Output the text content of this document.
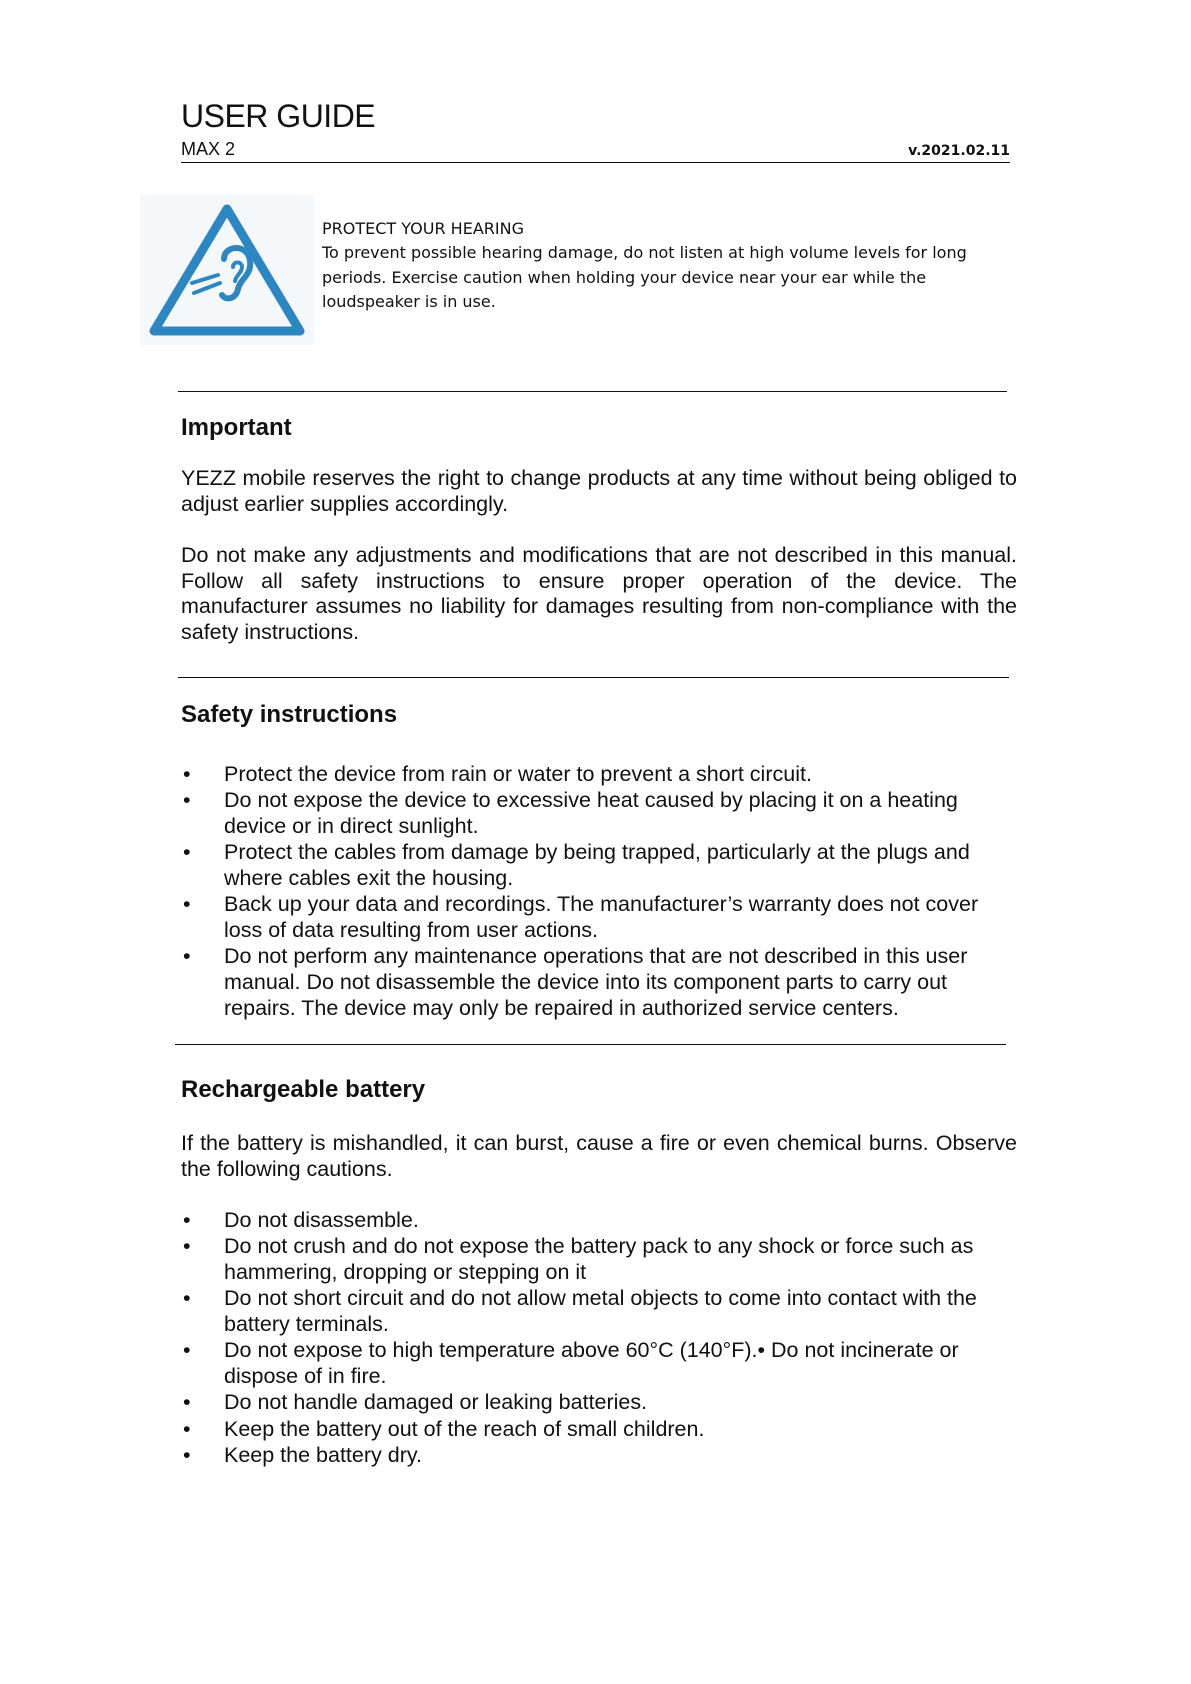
USER GUIDE
MAX 2	v.2021.02.11
PROTECT YOUR HEARING
To prevent possible hearing damage, do not listen at high volume levels for long periods. Exercise caution when holding your device near your ear while the loudspeaker is in use.
Important
YEZZ mobile reserves the right to change products at any time without being obliged to adjust earlier supplies accordingly.
Do not make any adjustments and modifications that are not described in this manual. Follow all safety instructions to ensure proper operation of the device. The manufacturer assumes no liability for damages resulting from non-compliance with the safety instructions.
Safety instructions
• Protect the device from rain or water to prevent a short circuit.
• Do not expose the device to excessive heat caused by placing it on a heating device or in direct sunlight.
• Protect the cables from damage by being trapped, particularly at the plugs and where cables exit the housing.
• Back up your data and recordings. The manufacturer’s warranty does not cover loss of data resulting from user actions.
• Do not perform any maintenance operations that are not described in this user manual. Do not disassemble the device into its component parts to carry out repairs. The device may only be repaired in authorized service centers.
Rechargeable battery
If the battery is mishandled, it can burst, cause a fire or even chemical burns. Observe the following cautions.
• Do not disassemble.
• Do not crush and do not expose the battery pack to any shock or force such as hammering, dropping or stepping on it
• Do not short circuit and do not allow metal objects to come into contact with the battery terminals.
• Do not expose to high temperature above 60°C (140°F).• Do not incinerate or dispose of in fire.
• Do not handle damaged or leaking batteries.
• Keep the battery out of the reach of small children.
• Keep the battery dry.
